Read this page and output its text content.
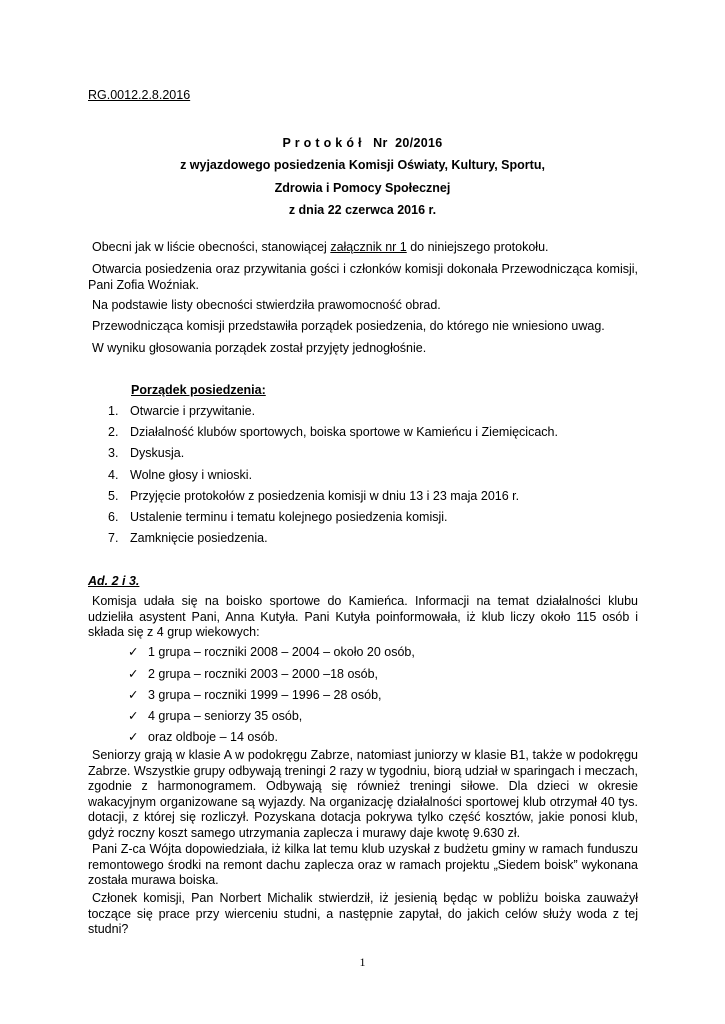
RG.0012.2.8.2016
P r o t o k ó ł   Nr  20/2016
z wyjazdowego posiedzenia Komisji Oświaty, Kultury, Sportu,
Zdrowia i Pomocy Społecznej
z dnia 22 czerwca 2016 r.
Obecni jak w liście obecności, stanowiącej załącznik nr 1 do niniejszego protokołu.
Otwarcia posiedzenia oraz przywitania gości i członków komisji dokonała Przewodnicząca komisji, Pani Zofia Woźniak.
Na podstawie listy obecności stwierdziła prawomocność obrad.
Przewodnicząca komisji przedstawiła porządek posiedzenia, do którego nie wniesiono uwag.
W wyniku głosowania porządek został przyjęty jednogłośnie.
Porządek posiedzenia:
1. Otwarcie i przywitanie.
2. Działalność klubów sportowych, boiska sportowe w Kamieńcu i Ziemięcicach.
3. Dyskusja.
4. Wolne głosy i wnioski.
5. Przyjęcie protokołów z posiedzenia komisji w dniu 13 i 23 maja 2016 r.
6. Ustalenie terminu i tematu kolejnego posiedzenia komisji.
7. Zamknięcie posiedzenia.
Ad. 2 i 3.
Komisja udała się na boisko sportowe do Kamieńca. Informacji na temat działalności klubu udzieliła asystent Pani, Anna Kutyła. Pani Kutyła poinformowała, iż klub liczy około 115 osób i składa się z 4 grup wiekowych:
✓ 1 grupa – roczniki 2008 – 2004 – około 20 osób,
✓ 2 grupa – roczniki 2003 – 2000 –18 osób,
✓ 3 grupa – roczniki 1999 – 1996 – 28 osób,
✓ 4 grupa – seniorzy 35 osób,
✓ oraz oldboje – 14 osób.
Seniorzy grają w klasie A w podokręgu Zabrze, natomiast juniorzy w klasie B1, także w podokręgu Zabrze. Wszystkie grupy odbywają treningi 2 razy w tygodniu, biorą udział w sparingach i meczach, zgodnie z harmonogramem. Odbywają się również treningi siłowe. Dla dzieci w okresie wakacyjnym organizowane są wyjazdy. Na organizację działalności sportowej klub otrzymał 40 tys. dotacji, z której się rozliczył. Pozyskana dotacja pokrywa tylko część kosztów, jakie ponosi klub, gdyż roczny koszt samego utrzymania zaplecza i murawy daje kwotę 9.630 zł.
Pani Z-ca Wójta dopowiedziała, iż kilka lat temu klub uzyskał z budżetu gminy w ramach funduszu remontowego środki na remont dachu zaplecza oraz w ramach projektu „Siedem boisk” wykonana została murawa boiska.
Członek komisji, Pan Norbert Michalik stwierdził, iż jesienią będąc w pobliżu boiska zauważył toczące się prace przy wierceniu studni, a następnie zapytał, do jakich celów służy woda z tej studni?
1
